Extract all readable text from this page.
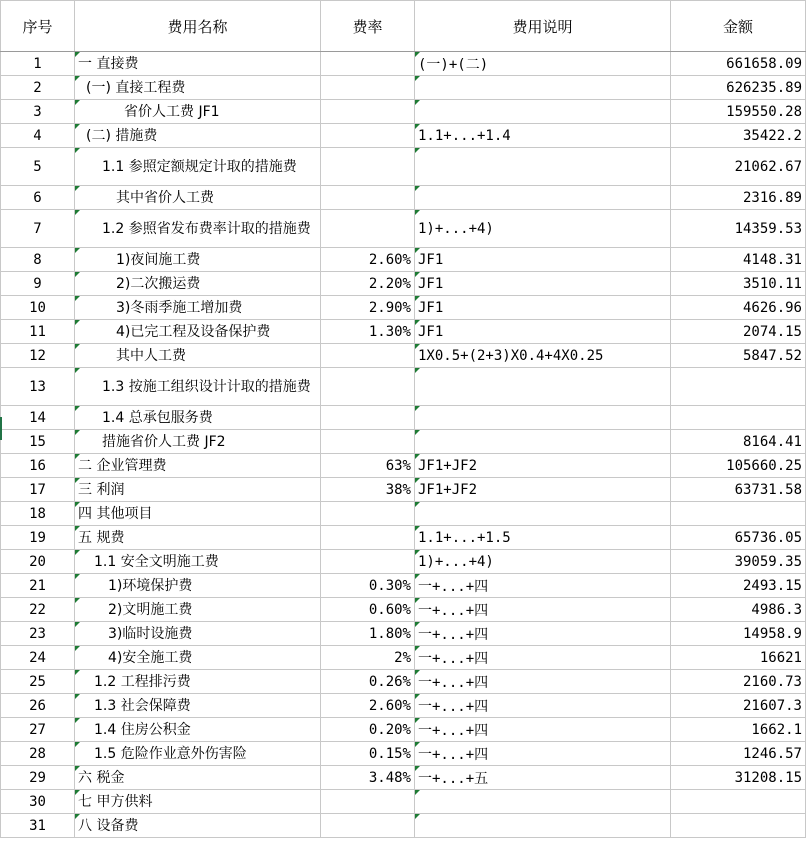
序号	费用名称	费率	费用说明	金额
1	一 直接费		(一)+(二)	661658.09
2	(一) 直接工程费			626235.89
3	省价人工费 JF1			159550.28
4	(二) 措施费		1.1+...+1.4	35422.2
5	1.1 参照定额规定计取的措施费			21062.67
6	其中省价人工费			2316.89
7	1.2 参照省发布费率计取的措施费		1)+...+4)	14359.53
8	1)夜间施工费	2.60%	JF1	4148.31
9	2)二次搬运费	2.20%	JF1	3510.11
10	3)冬雨季施工增加费	2.90%	JF1	4626.96
11	4)已完工程及设备保护费	1.30%	JF1	2074.15
12	其中人工费		1X0.5+(2+3)X0.4+4X0.25	5847.52
13	1.3 按施工组织设计计取的措施费			
14	1.4 总承包服务费			
15	措施省价人工费 JF2			8164.41
16	二 企业管理费	63%	JF1+JF2	105660.25
17	三 利润	38%	JF1+JF2	63731.58
18	四 其他项目			
19	五 规费		1.1+...+1.5	65736.05
20	1.1 安全文明施工费		1)+...+4)	39059.35
21	1)环境保护费	0.30%	一+...+四	2493.15
22	2)文明施工费	0.60%	一+...+四	4986.3
23	3)临时设施费	1.80%	一+...+四	14958.9
24	4)安全施工费	2%	一+...+四	16621
25	1.2 工程排污费	0.26%	一+...+四	2160.73
26	1.3 社会保障费	2.60%	一+...+四	21607.3
27	1.4 住房公积金	0.20%	一+...+四	1662.1
28	1.5 危险作业意外伤害险	0.15%	一+...+四	1246.57
29	六 税金	3.48%	一+...+五	31208.15
30	七 甲方供料			
31	八 设备费			
